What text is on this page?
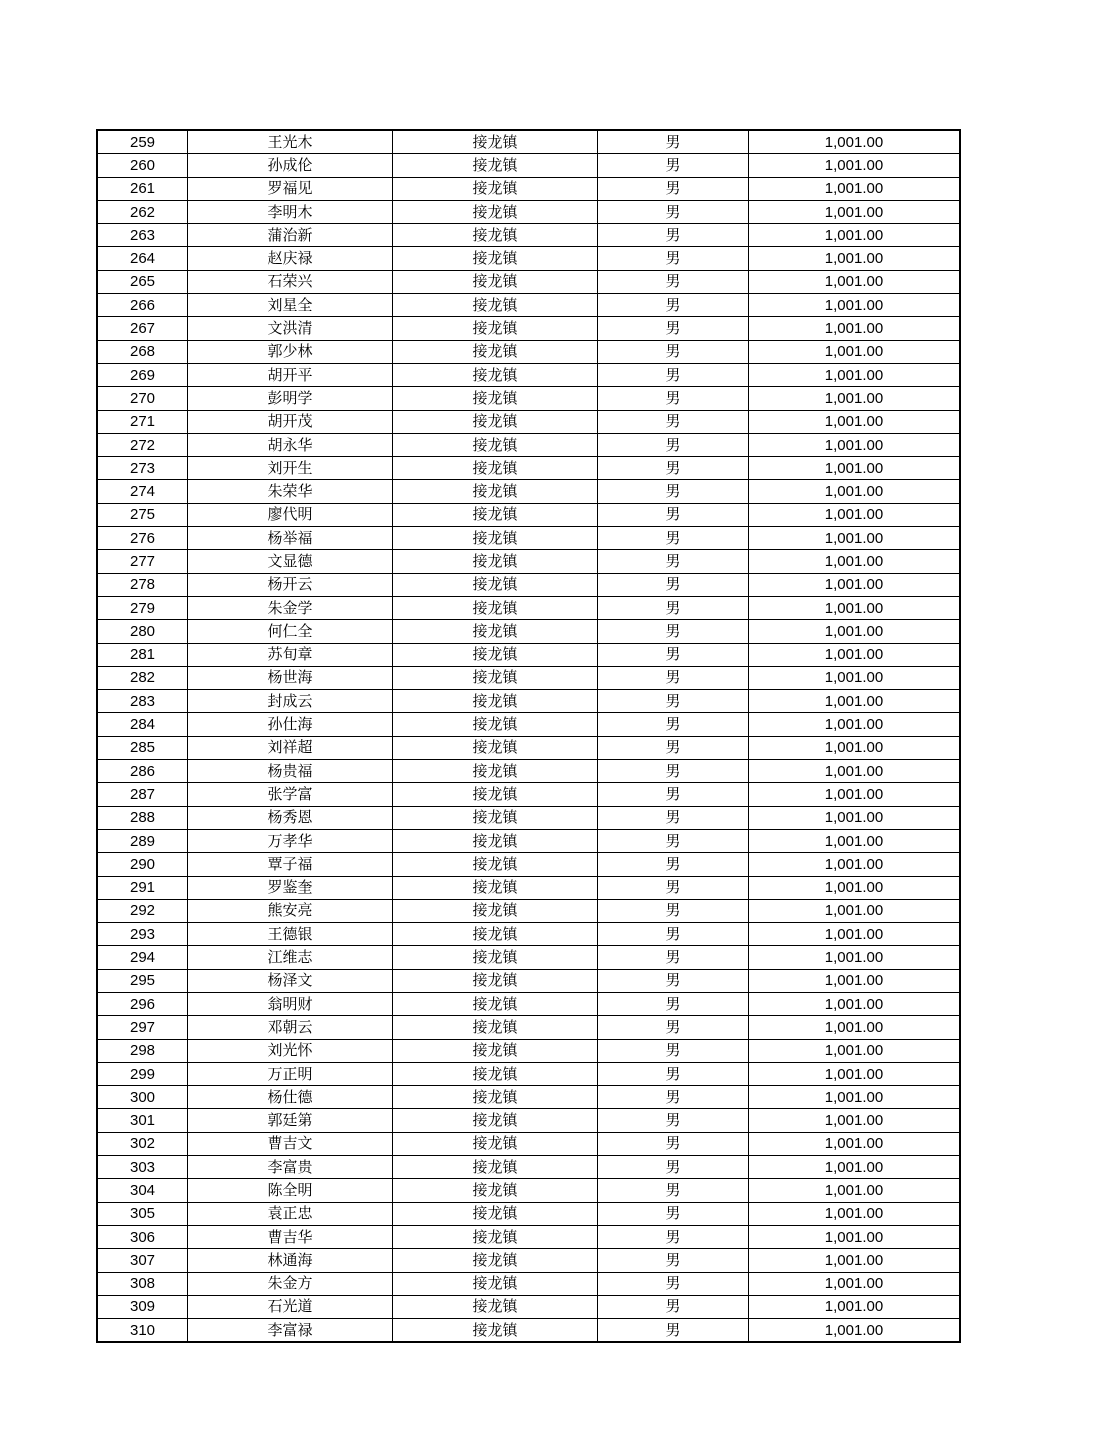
259	王光木	接龙镇	男	1,001.00
260	孙成伦	接龙镇	男	1,001.00
261	罗福见	接龙镇	男	1,001.00
262	李明木	接龙镇	男	1,001.00
263	蒲治新	接龙镇	男	1,001.00
264	赵庆禄	接龙镇	男	1,001.00
265	石荣兴	接龙镇	男	1,001.00
266	刘星全	接龙镇	男	1,001.00
267	文洪清	接龙镇	男	1,001.00
268	郭少林	接龙镇	男	1,001.00
269	胡开平	接龙镇	男	1,001.00
270	彭明学	接龙镇	男	1,001.00
271	胡开茂	接龙镇	男	1,001.00
272	胡永华	接龙镇	男	1,001.00
273	刘开生	接龙镇	男	1,001.00
274	朱荣华	接龙镇	男	1,001.00
275	廖代明	接龙镇	男	1,001.00
276	杨举福	接龙镇	男	1,001.00
277	文显德	接龙镇	男	1,001.00
278	杨开云	接龙镇	男	1,001.00
279	朱金学	接龙镇	男	1,001.00
280	何仁全	接龙镇	男	1,001.00
281	苏旬章	接龙镇	男	1,001.00
282	杨世海	接龙镇	男	1,001.00
283	封成云	接龙镇	男	1,001.00
284	孙仕海	接龙镇	男	1,001.00
285	刘祥超	接龙镇	男	1,001.00
286	杨贵福	接龙镇	男	1,001.00
287	张学富	接龙镇	男	1,001.00
288	杨秀恩	接龙镇	男	1,001.00
289	万孝华	接龙镇	男	1,001.00
290	覃子福	接龙镇	男	1,001.00
291	罗鉴奎	接龙镇	男	1,001.00
292	熊安亮	接龙镇	男	1,001.00
293	王德银	接龙镇	男	1,001.00
294	江维志	接龙镇	男	1,001.00
295	杨泽文	接龙镇	男	1,001.00
296	翁明财	接龙镇	男	1,001.00
297	邓朝云	接龙镇	男	1,001.00
298	刘光怀	接龙镇	男	1,001.00
299	万正明	接龙镇	男	1,001.00
300	杨仕德	接龙镇	男	1,001.00
301	郭廷第	接龙镇	男	1,001.00
302	曹吉文	接龙镇	男	1,001.00
303	李富贵	接龙镇	男	1,001.00
304	陈全明	接龙镇	男	1,001.00
305	袁正忠	接龙镇	男	1,001.00
306	曹吉华	接龙镇	男	1,001.00
307	林通海	接龙镇	男	1,001.00
308	朱金方	接龙镇	男	1,001.00
309	石光道	接龙镇	男	1,001.00
310	李富禄	接龙镇	男	1,001.00
